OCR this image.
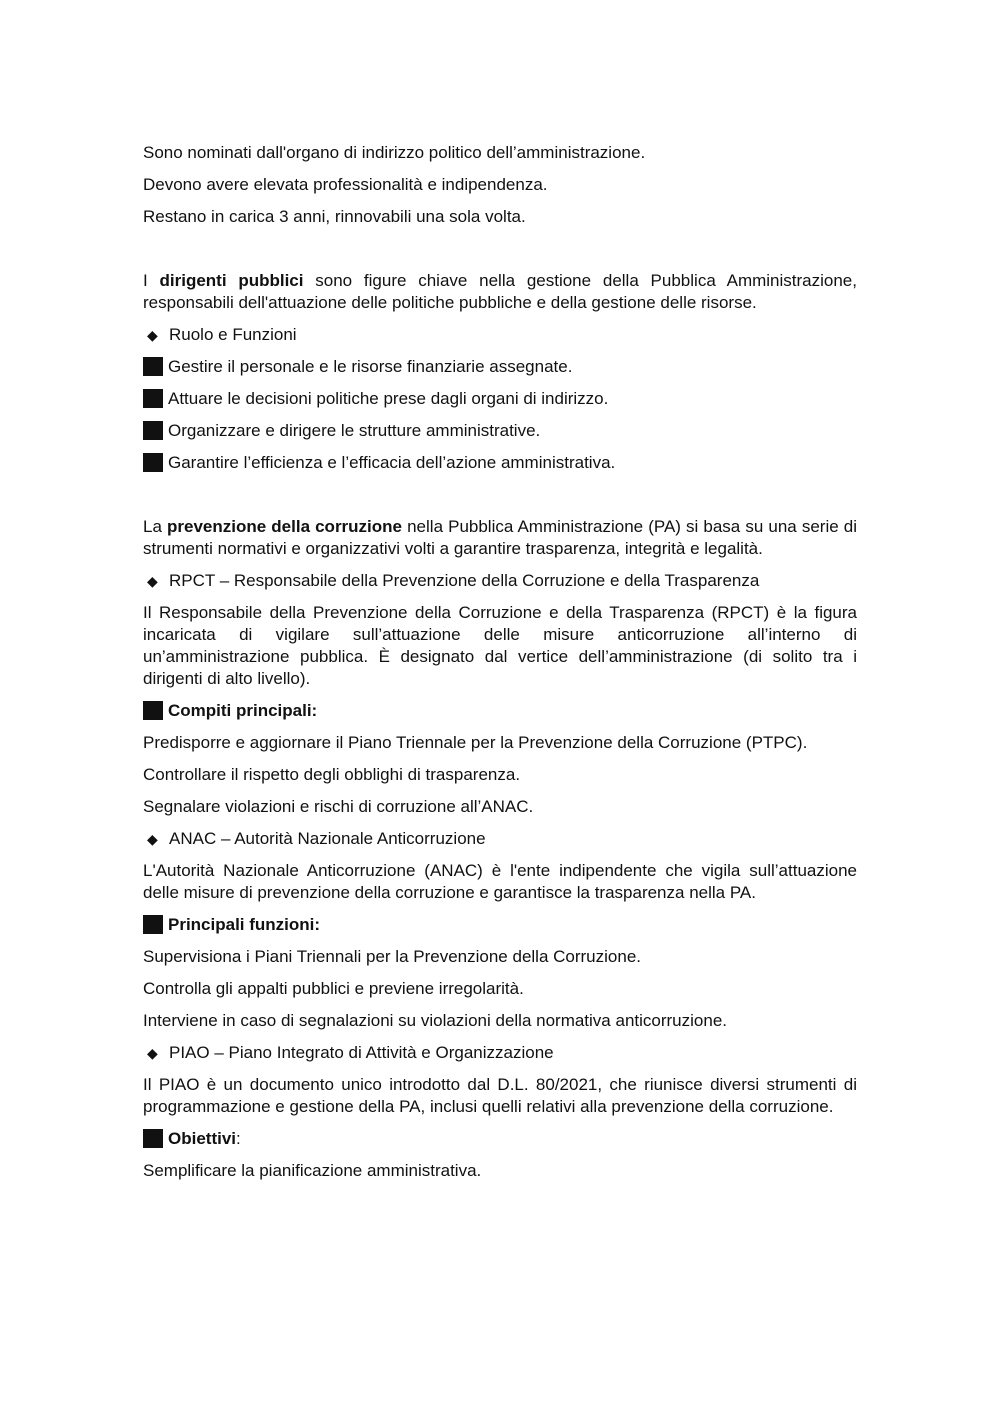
Sono nominati dall'organo di indirizzo politico dell’amministrazione.

Devono avere elevata professionalità e indipendenza.

Restano in carica 3 anni, rinnovabili una sola volta.

I dirigenti pubblici sono figure chiave nella gestione della Pubblica Amministrazione, responsabili dell'attuazione delle politiche pubbliche e della gestione delle risorse.

◆ Ruolo e Funzioni
Gestire il personale e le risorse finanziarie assegnate.
Attuare le decisioni politiche prese dagli organi di indirizzo.
Organizzare e dirigere le strutture amministrative.
Garantire l’efficienza e l’efficacia dell’azione amministrativa.

La prevenzione della corruzione nella Pubblica Amministrazione (PA) si basa su una serie di strumenti normativi e organizzativi volti a garantire trasparenza, integrità e legalità.

◆ RPCT – Responsabile della Prevenzione della Corruzione e della Trasparenza

Il Responsabile della Prevenzione della Corruzione e della Trasparenza (RPCT) è la figura incaricata di vigilare sull’attuazione delle misure anticorruzione all’interno di un’amministrazione pubblica. È designato dal vertice dell’amministrazione (di solito tra i dirigenti di alto livello).

Compiti principali:

Predisporre e aggiornare il Piano Triennale per la Prevenzione della Corruzione (PTPC).

Controllare il rispetto degli obblighi di trasparenza.

Segnalare violazioni e rischi di corruzione all’ANAC.

◆ ANAC – Autorità Nazionale Anticorruzione

L'Autorità Nazionale Anticorruzione (ANAC) è l'ente indipendente che vigila sull’attuazione delle misure di prevenzione della corruzione e garantisce la trasparenza nella PA.

Principali funzioni:

Supervisiona i Piani Triennali per la Prevenzione della Corruzione.

Controlla gli appalti pubblici e previene irregolarità.

Interviene in caso di segnalazioni su violazioni della normativa anticorruzione.

◆ PIAO – Piano Integrato di Attività e Organizzazione

Il PIAO è un documento unico introdotto dal D.L. 80/2021, che riunisce diversi strumenti di programmazione e gestione della PA, inclusi quelli relativi alla prevenzione della corruzione.

Obiettivi:

Semplificare la pianificazione amministrativa.
